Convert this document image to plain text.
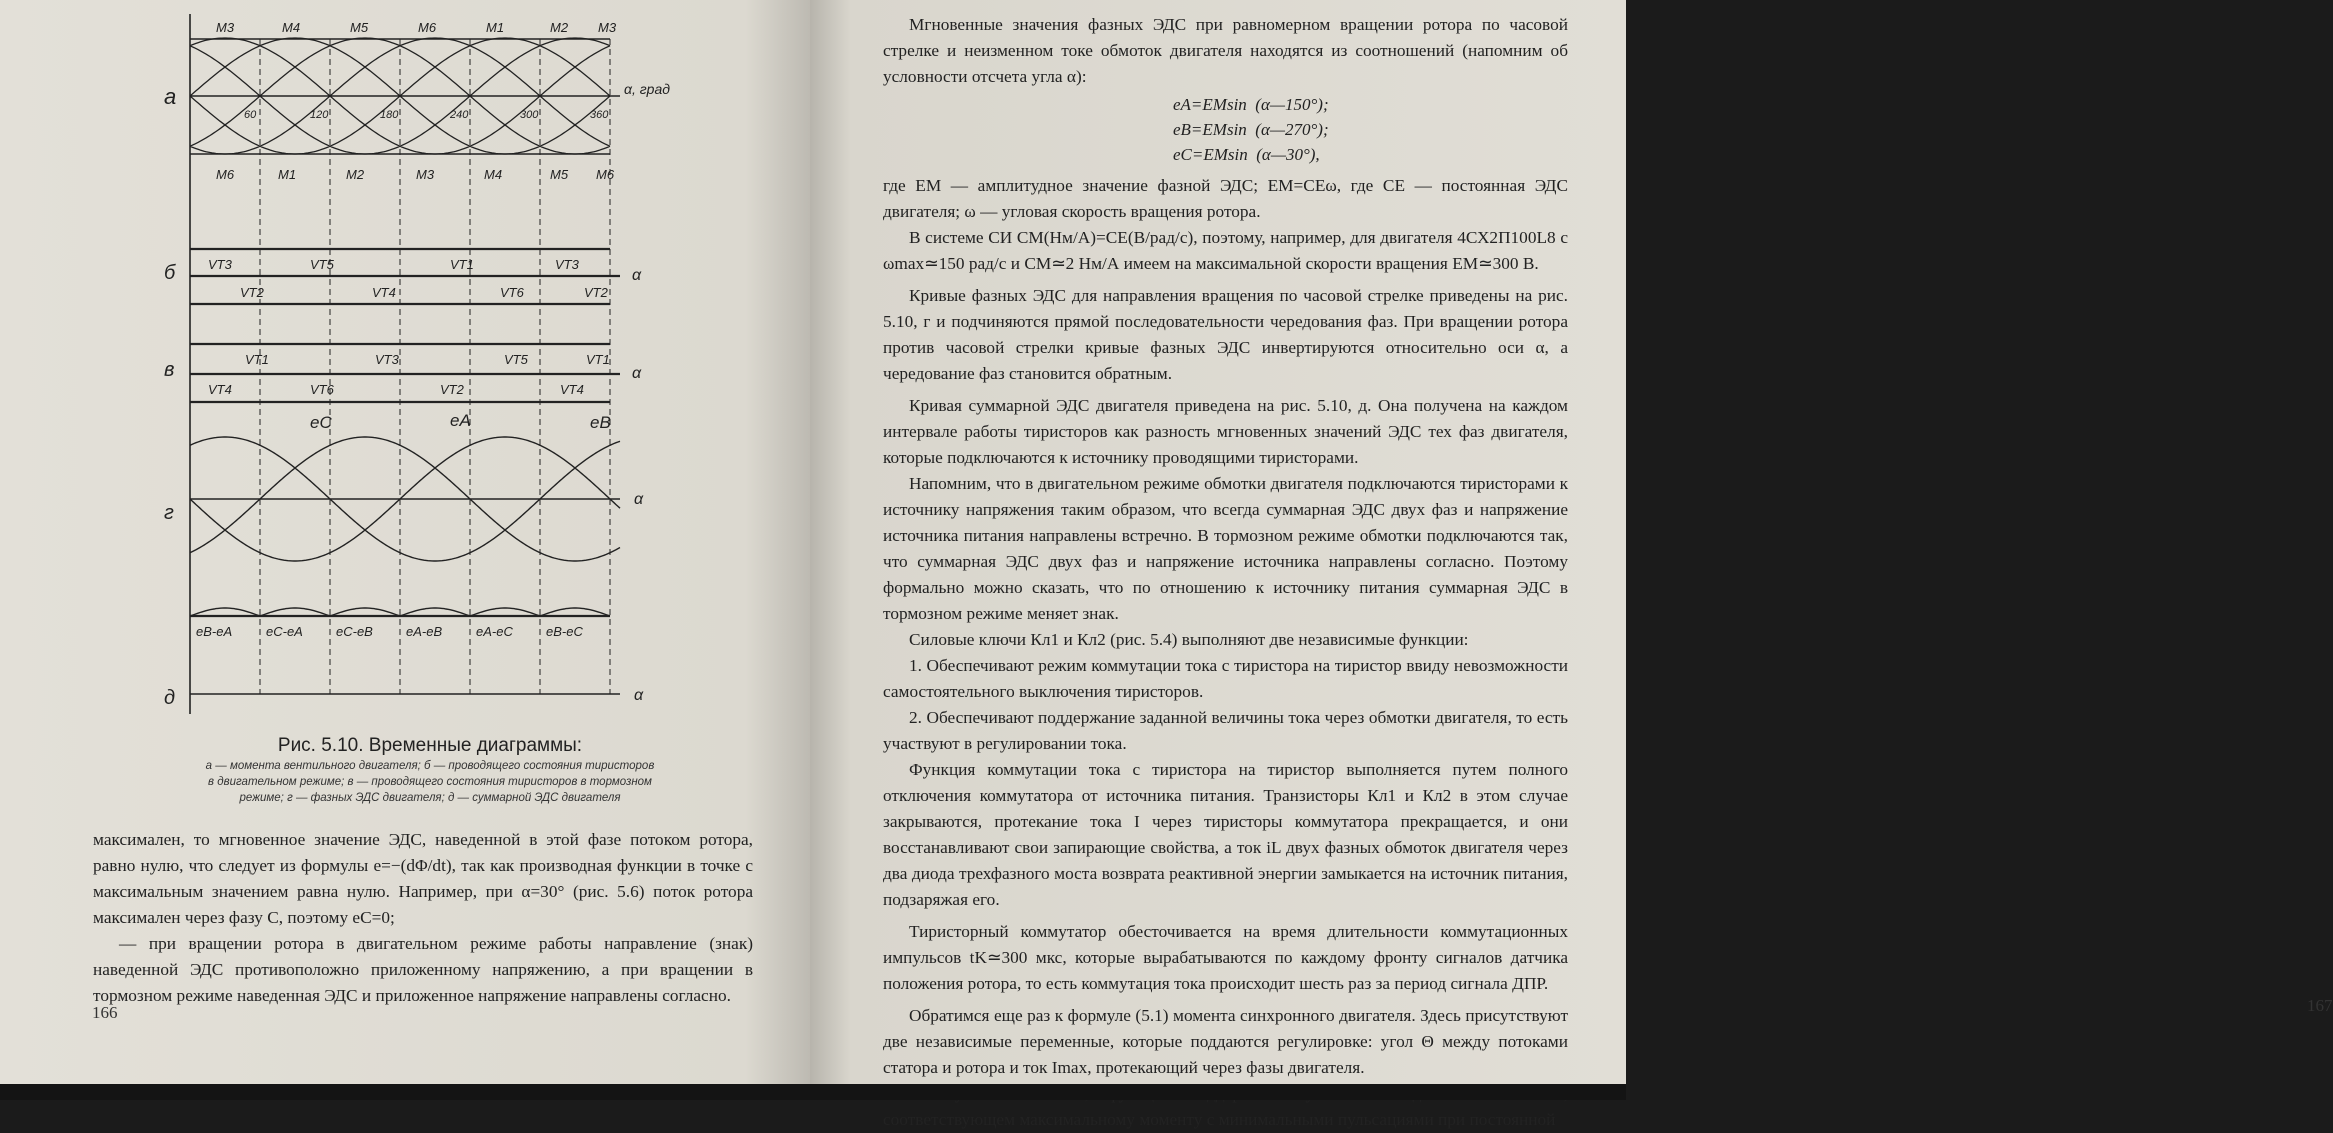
а
б
в
г
д
M3	M4	M5	M6	M1	M2 M3
M6	M1	M2	M3	M4	M5 M6
60	120	180	240	300	360
α, град
VT3	VT5	VT1	VT3
VT2	VT4	VT6	VT2
α
VT1	VT3	VT5	VT1
VT4	VT6	VT2	VT4
α
eC	eA	eB
α
eB-eA	eC-eA	eC-eB	eA-eB	eA-eC	eB-eC
α
Рис. 5.10. Временные диаграммы:
а — момента вентильного двигателя; б — проводящего состояния тиристоров
в двигательном режиме; в — проводящего состояния тиристоров в тормозном
режиме; г — фазных ЭДС двигателя; д — суммарной ЭДС двигателя

максимален, то мгновенное значение ЭДС, наведенной в этой фазе потоком ротора, равно нулю, что следует из формулы e=−(dΦ/dt), так как производная функции в точке с максимальным значением равна нулю. Например, при α=30° (рис. 5.6) поток ротора максимален через фазу C, поэтому eC=0;

— при вращении ротора в двигательном режиме работы направление (знак) наведенной ЭДС противоположно приложенному напряжению, а при вращении в тормозном режиме наведенная ЭДС и приложенное напряжение направлены согласно.

166

Мгновенные значения фазных ЭДС при равномерном вращении ротора по часовой стрелке и неизменном токе обмоток двигателя находятся из соотношений (напомним об условности отсчета угла α):

eA=EMsin  (α—150°);
eB=EMsin  (α—270°);
eC=EMsin  (α—30°),

где EM — амплитудное значение фазной ЭДС; EM=CEω, где CE — постоянная ЭДС двигателя; ω — угловая скорость вращения ротора.

В системе СИ CM(Нм/А)=CE(В/рад/с), поэтому, например, для двигателя 4СХ2П100L8 с ωmax≃150 рад/с и CM≃2 Нм/А имеем на максимальной скорости вращения EM≃300 В.

Кривые фазных ЭДС для направления вращения по часовой стрелке приведены на рис. 5.10, г и подчиняются прямой последовательности чередования фаз. При вращении ротора против часовой стрелки кривые фазных ЭДС инвертируются относительно оси α, а чередование фаз становится обратным.

Кривая суммарной ЭДС двигателя приведена на рис. 5.10, д. Она получена на каждом интервале работы тиристоров как разность мгновенных значений ЭДС тех фаз двигателя, которые подключаются к источнику проводящими тиристорами.

Напомним, что в двигательном режиме обмотки двигателя подключаются тиристорами к источнику напряжения таким образом, что всегда суммарная ЭДС двух фаз и напряжение источника питания направлены встречно. В тормозном режиме обмотки подключаются так, что суммарная ЭДС двух фаз и напряжение источника направлены согласно. Поэтому формально можно сказать, что по отношению к источнику питания суммарная ЭДС в тормозном режиме меняет знак.

Силовые ключи Кл1 и Кл2 (рис. 5.4) выполняют две независимые функции:

1. Обеспечивают режим коммутации тока с тиристора на тиристор ввиду невозможности самостоятельного выключения тиристоров.

2. Обеспечивают поддержание заданной величины тока через обмотки двигателя, то есть участвуют в регулировании тока.

Функция коммутации тока с тиристора на тиристор выполняется путем полного отключения коммутатора от источника питания. Транзисторы Кл1 и Кл2 в этом случае закрываются, протекание тока I через тиристоры коммутатора прекращается, и они восстанавливают свои запирающие свойства, а ток iL двух фазных обмоток двигателя через два диода трехфазного моста возврата реактивной энергии замыкается на источник питания, подзаряжая его.

Тиристорный коммутатор обесточивается на время длительности коммутационных импульсов tK≃300 мкс, которые вырабатываются по каждому фронту сигналов датчика положения ротора, то есть коммутация тока происходит шесть раз за период сигнала ДПР.

Обратимся еще раз к формуле (5.1) момента синхронного двигателя. Здесь присутствуют две независимые переменные, которые поддаются регулировке: угол Θ между потоками статора и ротора и ток Imax, протекающий через фазы двигателя.

соответствующем максимальному моменту с минимальными пульсациями при постоянной

167
